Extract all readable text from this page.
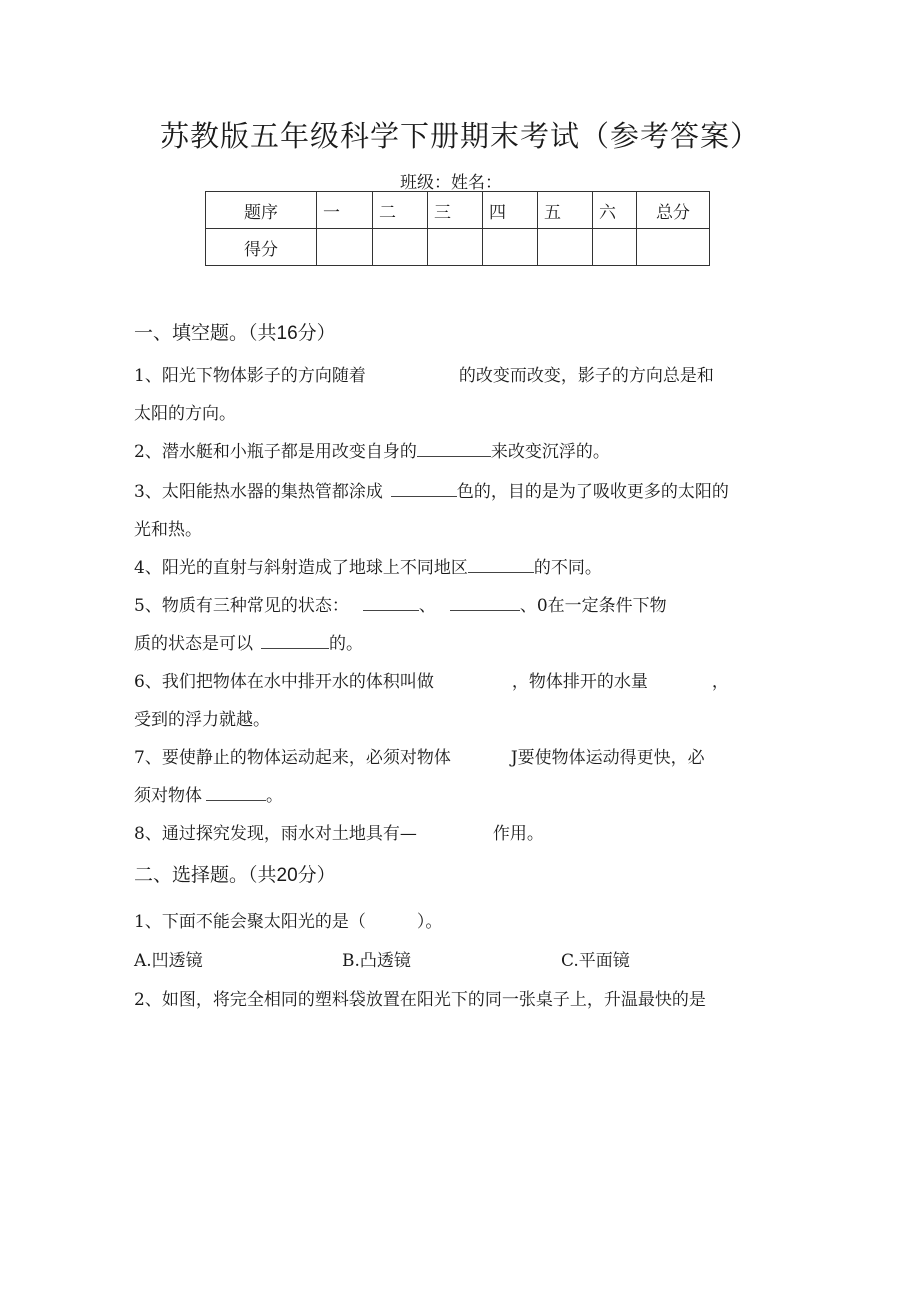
苏教版五年级科学下册期末考试（参考答案）
班级：姓名：
题序	一	二	三	四	五	六	总分
得分							
一、填空题。（共16分）
1、阳光下物体影子的方向随着	的改变而改变，影子的方向总是和
太阳的方向。
2、潜水艇和小瓶子都是用改变自身的	来改变沉浮的。
3、太阳能热水器的集热管都涂成	色的，目的是为了吸收更多的太阳的
光和热。
4、阳光的直射与斜射造成了地球上不同地区	的不同。
5、物质有三种常见的状态：	、	、0在一定条件下物
质的状态是可以	的。
6、我们把物体在水中排开水的体积叫做	，物体排开的水量	，
受到的浮力就越。
7、要使静止的物体运动起来，必须对物体	J要使物体运动得更快，必
须对物体	。
8、通过探究发现，雨水对土地具有—	作用。
二、选择题。（共20分）
1、下面不能会聚太阳光的是（　　　）。
A.凹透镜	B.凸透镜	C.平面镜
2、如图，将完全相同的塑料袋放置在阳光下的同一张桌子上，升温最快的是
